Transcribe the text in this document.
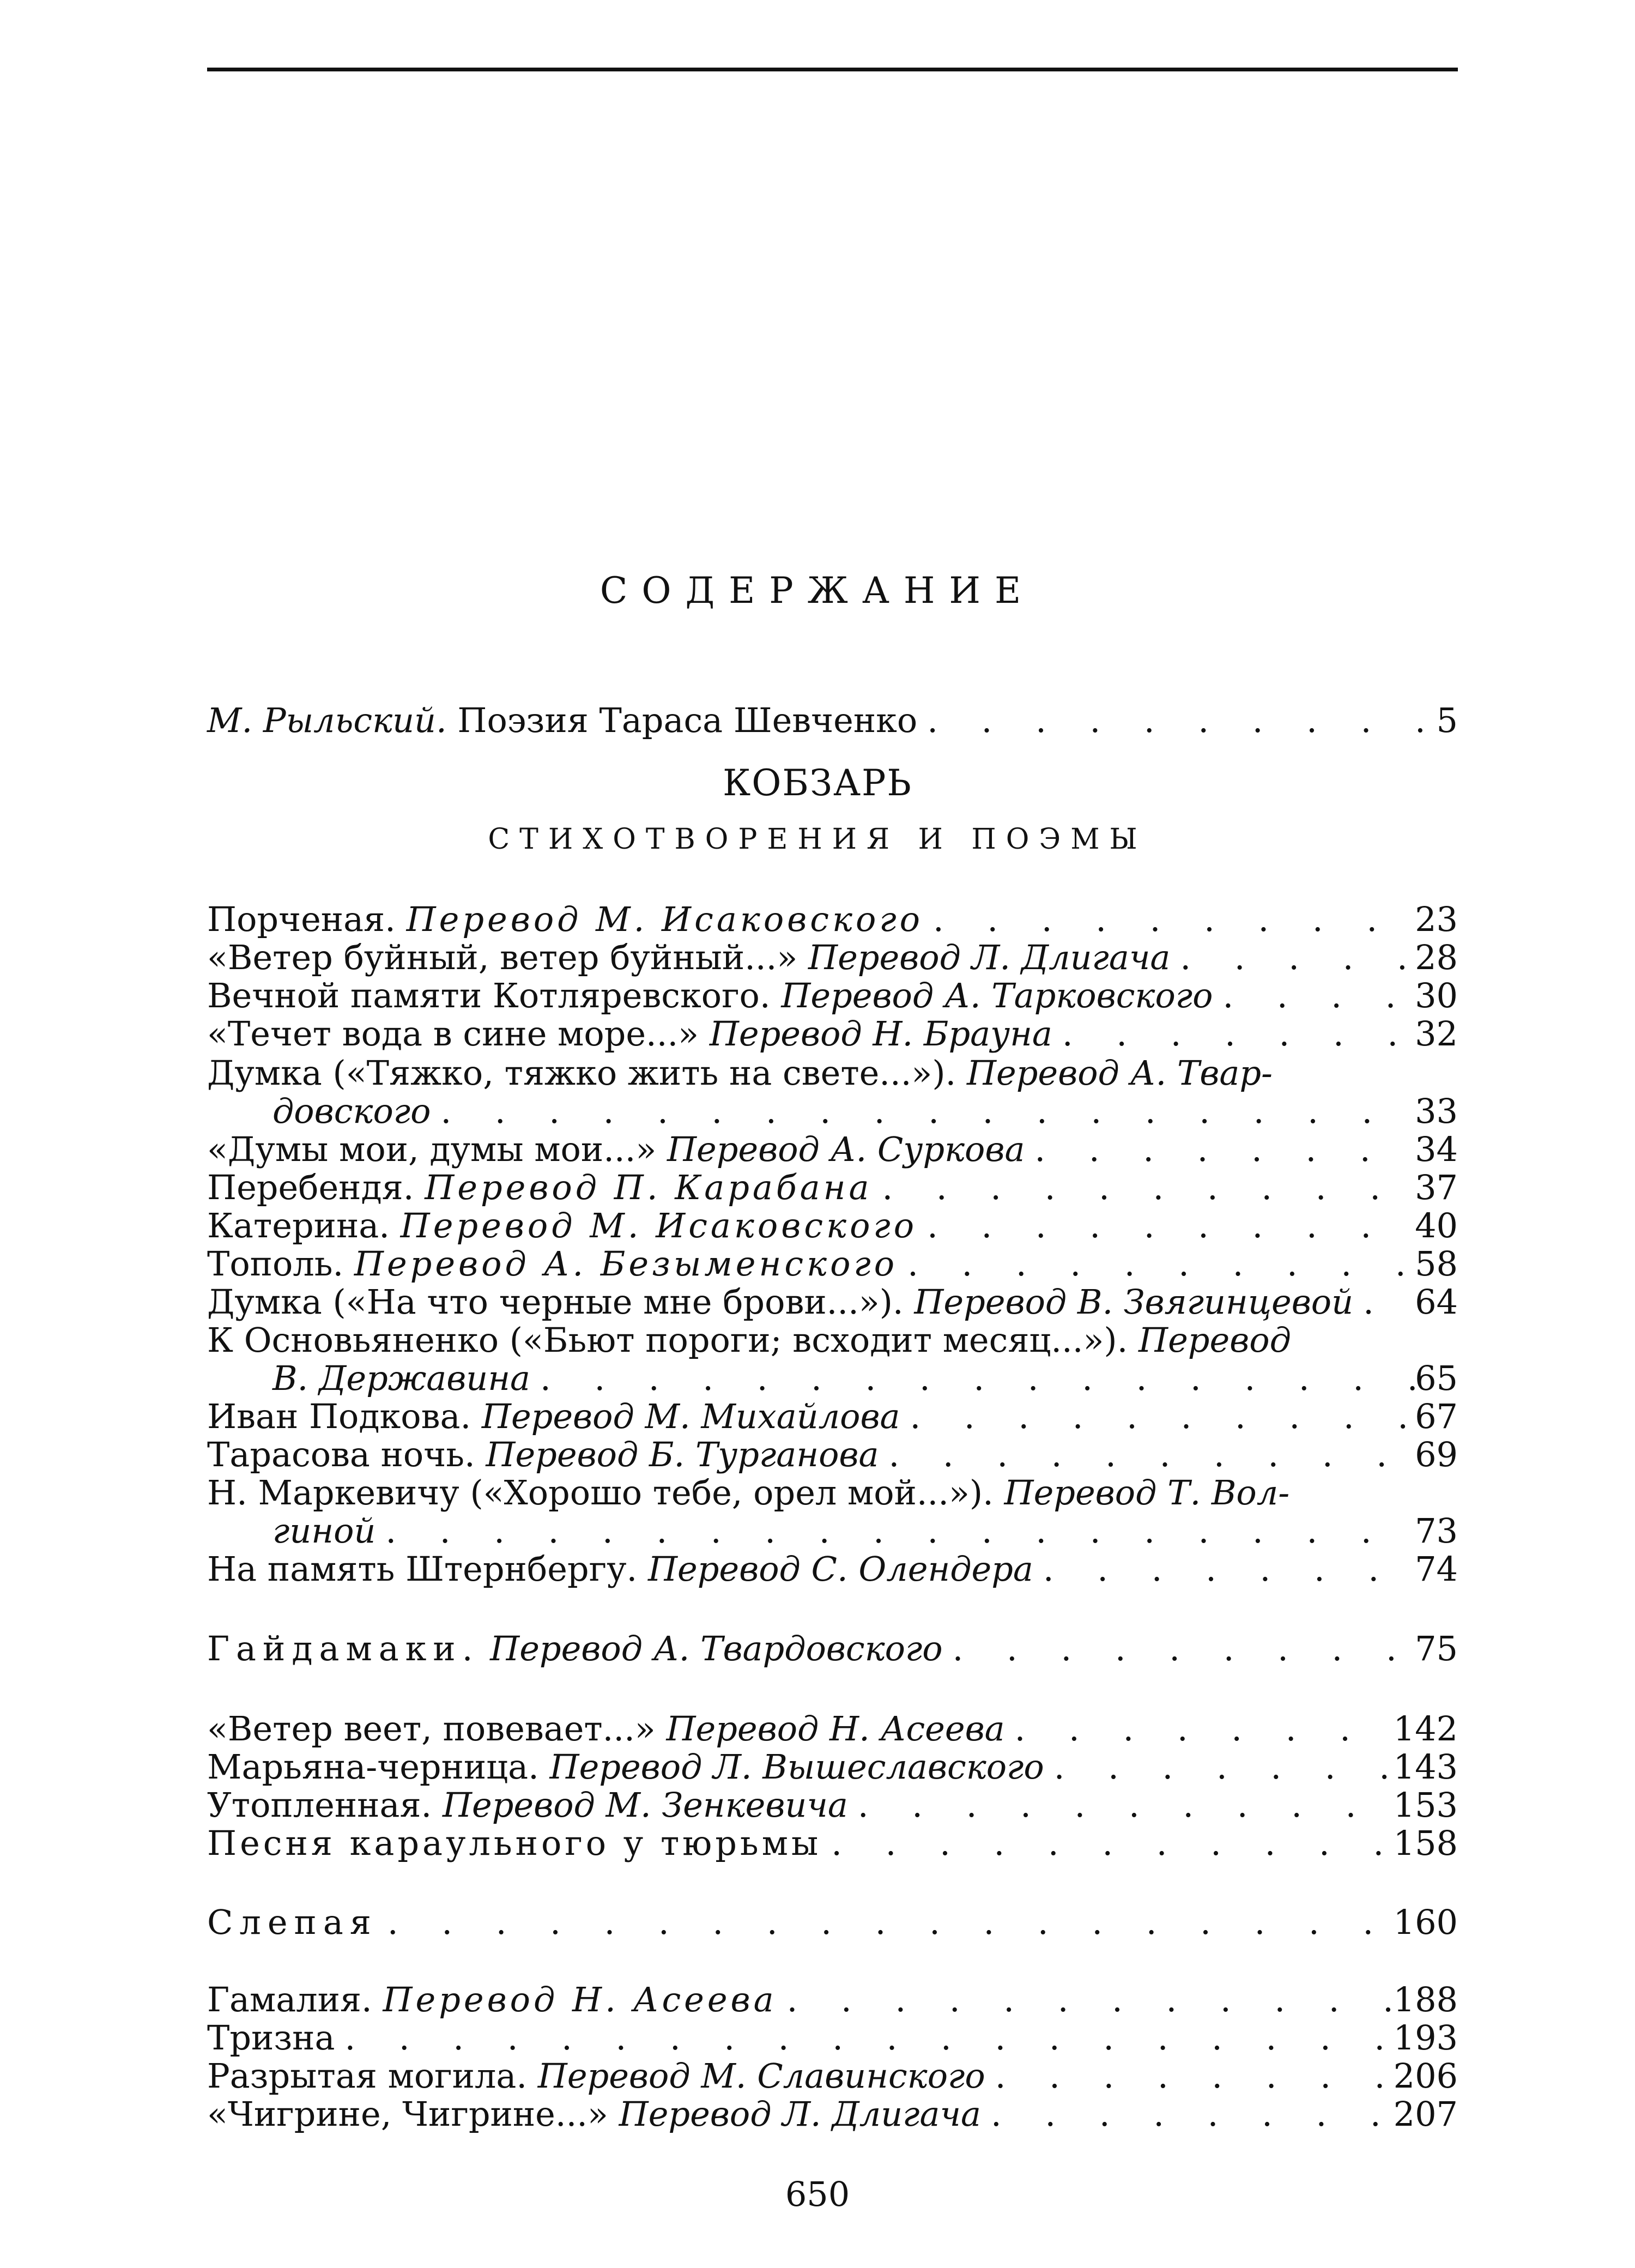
СОДЕРЖАНИЕ
М. Рыльский. Поэзия Тараса Шевченко . . .	5
КОБЗАРЬ
СТИХОТВОРЕНИЯ И ПОЭМЫ
Порченая. Перевод М. Исаковского . . .	23
«Ветер буйный, ветер буйный...» Перевод Л. Длигача . . .	28
Вечной памяти Котляревского. Перевод А. Тарковского . . .	30
«Течет вода в сине море...» Перевод Н. Брауна . . .	32
Думка («Тяжко, тяжко жить на свете...»). Перевод А. Твар-
довского . . .	33
«Думы мои, думы мои...» Перевод А. Суркова . . .	34
Перебендя. Перевод П. Карабана . . .	37
Катерина. Перевод М. Исаковского . . .	40
Тополь. Перевод А. Безыменского . . .	58
Думка («На что черные мне брови...»). Перевод В. Звягинцевой . . . 64
К Основьяненко («Бьют пороги; всходит месяц...»). Перевод
В. Державина . . .	65
Иван Подкова. Перевод М. Михайлова . . .	67
Тарасова ночь. Перевод Б. Турганова . . .	69
Н. Маркевичу («Хорошо тебе, орел мой...»). Перевод Т. Вол-
гиной . . .	73
На память Штернбергу. Перевод С. Олендера . . .	74
Гайдамаки. Перевод А. Твардовского . . .	75
«Ветер веет, повевает...» Перевод Н. Асеева . . .	142
Марьяна-черница. Перевод Л. Вышеславского . . .	143
Утопленная. Перевод М. Зенкевича . . .	153
Песня караульного у тюрьмы . . .	158
Слепая . . .	160
Гамалия. Перевод Н. Асеева . . .	188
Тризна . . .	193
Разрытая могила. Перевод М. Славинского . . .	206
«Чигрине, Чигрине...» Перевод Л. Длигача . . .	207
650
